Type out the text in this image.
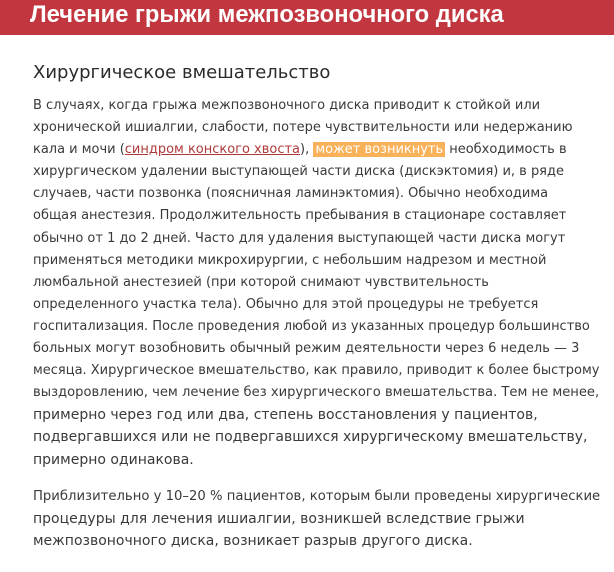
Лечение грыжи межпозвоночного диска
Хирургическое вмешательство

В случаях, когда грыжа межпозвоночного диска приводит к стойкой или
хронической ишиалгии, слабости, потере чувствительности или недержанию
кала и мочи (синдром конского хвоста), может возникнуть необходимость в
хирургическом удалении выступающей части диска (дискэктомия) и, в ряде
случаев, части позвонка (поясничная ламинэктомия). Обычно необходима
общая анестезия. Продолжительность пребывания в стационаре составляет
обычно от 1 до 2 дней. Часто для удаления выступающей части диска могут
применяться методики микрохирургии, с небольшим надрезом и местной
люмбальной анестезией (при которой снимают чувствительность
определенного участка тела). Обычно для этой процедуры не требуется
госпитализация. После проведения любой из указанных процедур большинство
больных могут возобновить обычный режим деятельности через 6 недель — 3
месяца. Хирургическое вмешательство, как правило, приводит к более быстрому
выздоровлению, чем лечение без хирургического вмешательства. Тем не менее,
примерно через год или два, степень восстановления у пациентов,
подвергавшихся или не подвергавшихся хирургическому вмешательству,
примерно одинакова.

Приблизительно у 10–20 % пациентов, которым были проведены хирургические
процедуры для лечения ишиалгии, возникшей вследствие грыжи
межпозвоночного диска, возникает разрыв другого диска.
